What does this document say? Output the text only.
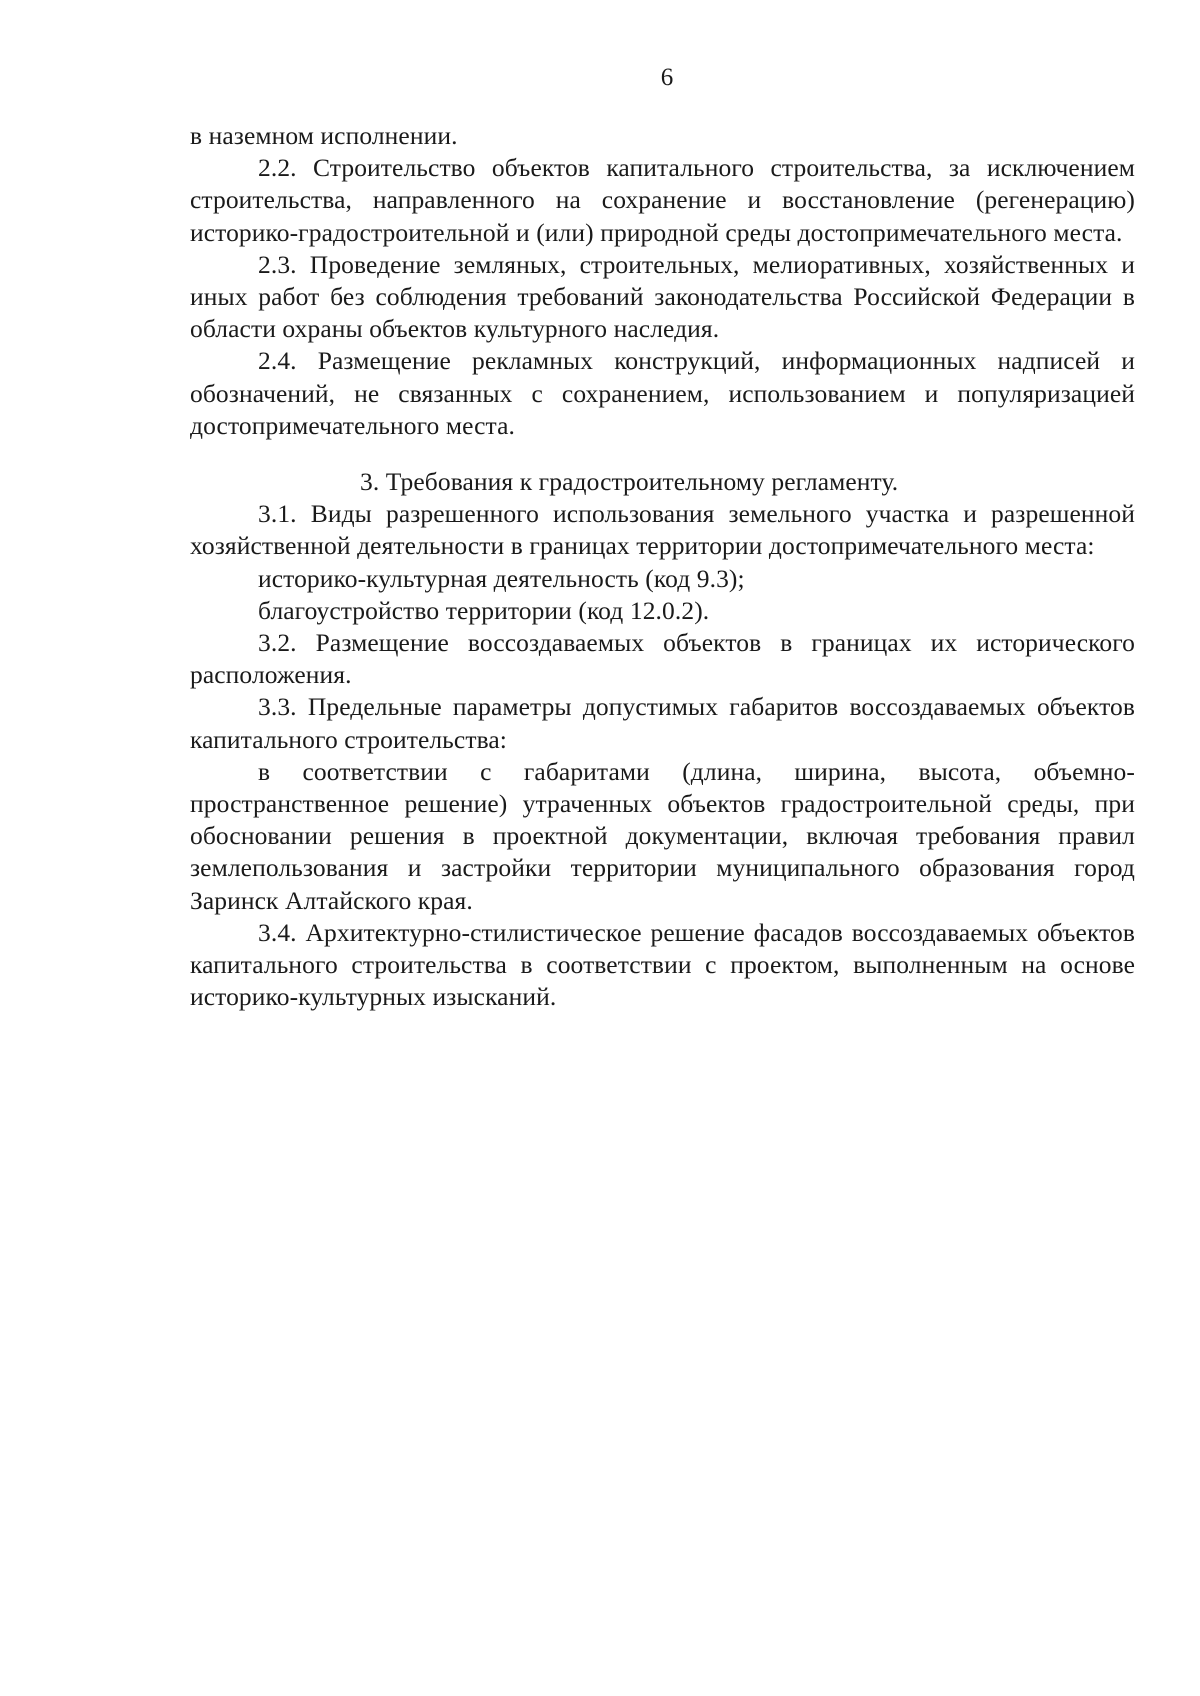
6

в наземном исполнении.

2.2. Строительство объектов капитального строительства, за исключением строительства, направленного на сохранение и восстановление (регенерацию) историко-градостроительной и (или) природной среды достопримечательного места.

2.3. Проведение земляных, строительных, мелиоративных, хозяйственных и иных работ без соблюдения требований законодательства Российской Федерации в области охраны объектов культурного наследия.

2.4. Размещение рекламных конструкций, информационных надписей и обозначений, не связанных с сохранением, использованием и популяризацией достопримечательного места.

3. Требования к градостроительному регламенту.

3.1. Виды разрешенного использования земельного участка и разрешенной хозяйственной деятельности в границах территории достопримечательного места:

историко-культурная деятельность (код 9.3);

благоустройство территории (код 12.0.2).

3.2. Размещение воссоздаваемых объектов в границах их исторического расположения.

3.3. Предельные параметры допустимых габаритов воссоздаваемых объектов капитального строительства:

в соответствии с габаритами (длина, ширина, высота, объемно-пространственное решение) утраченных объектов градостроительной среды, при обосновании решения в проектной документации, включая требования правил землепользования и застройки территории муниципального образования город Заринск Алтайского края.

3.4. Архитектурно-стилистическое решение фасадов воссоздаваемых объектов капитального строительства в соответствии с проектом, выполненным на основе историко-культурных изысканий.
